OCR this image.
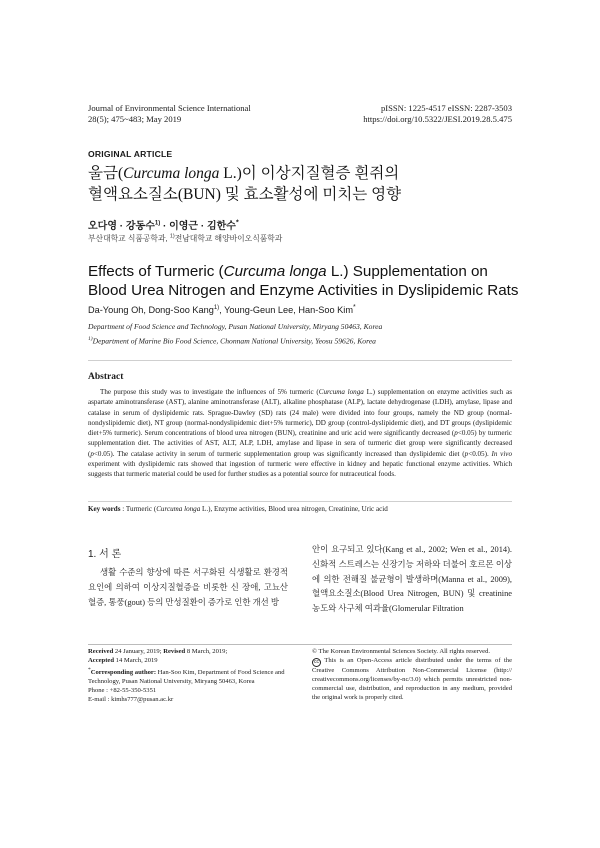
Journal of Environmental Science International
28(5); 475~483; May 2019
pISSN: 1225-4517 eISSN: 2287-3503
https://doi.org/10.5322/JESI.2019.28.5.475
ORIGINAL ARTICLE
울금(Curcuma longa L.)이 이상지질혈증 흰쥐의
혈액요소질소(BUN) 및 효소활성에 미치는 영향
오다영 · 강동수$^{1)}$ · 이영근 · 김한수*
부산대학교 식품공학과, $^{1)}$전남대학교 해양바이오식품학과
Effects of Turmeric (Curcuma longa L.) Supplementation on Blood Urea Nitrogen and Enzyme Activities in Dyslipidemic Rats
Da-Young Oh, Dong-Soo Kang$^{1)}$, Young-Geun Lee, Han-Soo Kim*
Department of Food Science and Technology, Pusan National University, Miryang 50463, Korea
$^{1)}$Department of Marine Bio Food Science, Chonnam National University, Yeosu 59626, Korea
Abstract
The purpose this study was to investigate the influences of 5% turmeric (Curcuma longa L.) supplementation on enzyme activities such as aspartate aminotransferase (AST), alanine aminotransferase (ALT), alkaline phosphatase (ALP), lactate dehydrogenase (LDH), amylase, lipase and catalase in serum of dyslipidemic rats. Sprague-Dawley (SD) rats (24 male) were divided into four groups, namely the ND group (normal-nondyslipidemic diet), NT group (normal-nondyslipidemic diet+5% turmeric), DD group (control-dyslipidemic diet), and DT groups (dyslipidemic diet+5% turmeric). Serum concentrations of blood urea nitrogen (BUN), creatinine and uric acid were significantly decreased (p<0.05) by turmeric supplementation diet. The activities of AST, ALT, ALP, LDH, amylase and lipase in sera of turmeric diet group were significantly decreased (p<0.05). The catalase activity in serum of turmeric supplementation group was significantly increased than dyslipidemic diet (p<0.05). In vivo experiment with dyslipidemic rats showed that ingestion of turmeric were effective in kidney and hepatic functional enzyme activities. Which suggests that turmeric material could be used for further studies as a potential source for nutraceutical foods.
Key words : Turmeric (Curcuma longa L.), Enzyme activities, Blood urea nitrogen, Creatinine, Uric acid
1. 서 론
생활 수준의 향상에 따른 서구화된 식생활로 환경적 요인에 의하여 이상지질혈증을 비롯한 신 장애, 고뇨산혈증, 통풍(gout) 등의 만성질환이 증가로 인한 개선 방
안이 요구되고 있다(Kang et al., 2002; Wen et al., 2014). 신화적 스트레스는 신장기능 저하와 더불어 호르몬 이상에 의한 전해질 불균형이 발생하며(Manna et al., 2009), 혈액요소질소(Blood Urea Nitrogen, BUN) 및 creatinine 농도와 사구체 여과율(Glomerular Filtration
Received 24 January, 2019; Revised 8 March, 2019;
Accepted 14 March, 2019
*Corresponding author: Han-Soo Kim, Department of Food Science and Technology, Pusan National University, Miryang 50463, Korea
Phone : +82-55-350-5351
E-mail : kimhs777@pusan.ac.kr
© The Korean Environmental Sciences Society. All rights reserved.
cc This is an Open-Access article distributed under the terms of the Creative Commons Attribution Non-Commercial License (http:// creativecommons.org/licenses/by-nc/3.0) which permits unrestricted non-commercial use, distribution, and reproduction in any medium, provided the original work is properly cited.
